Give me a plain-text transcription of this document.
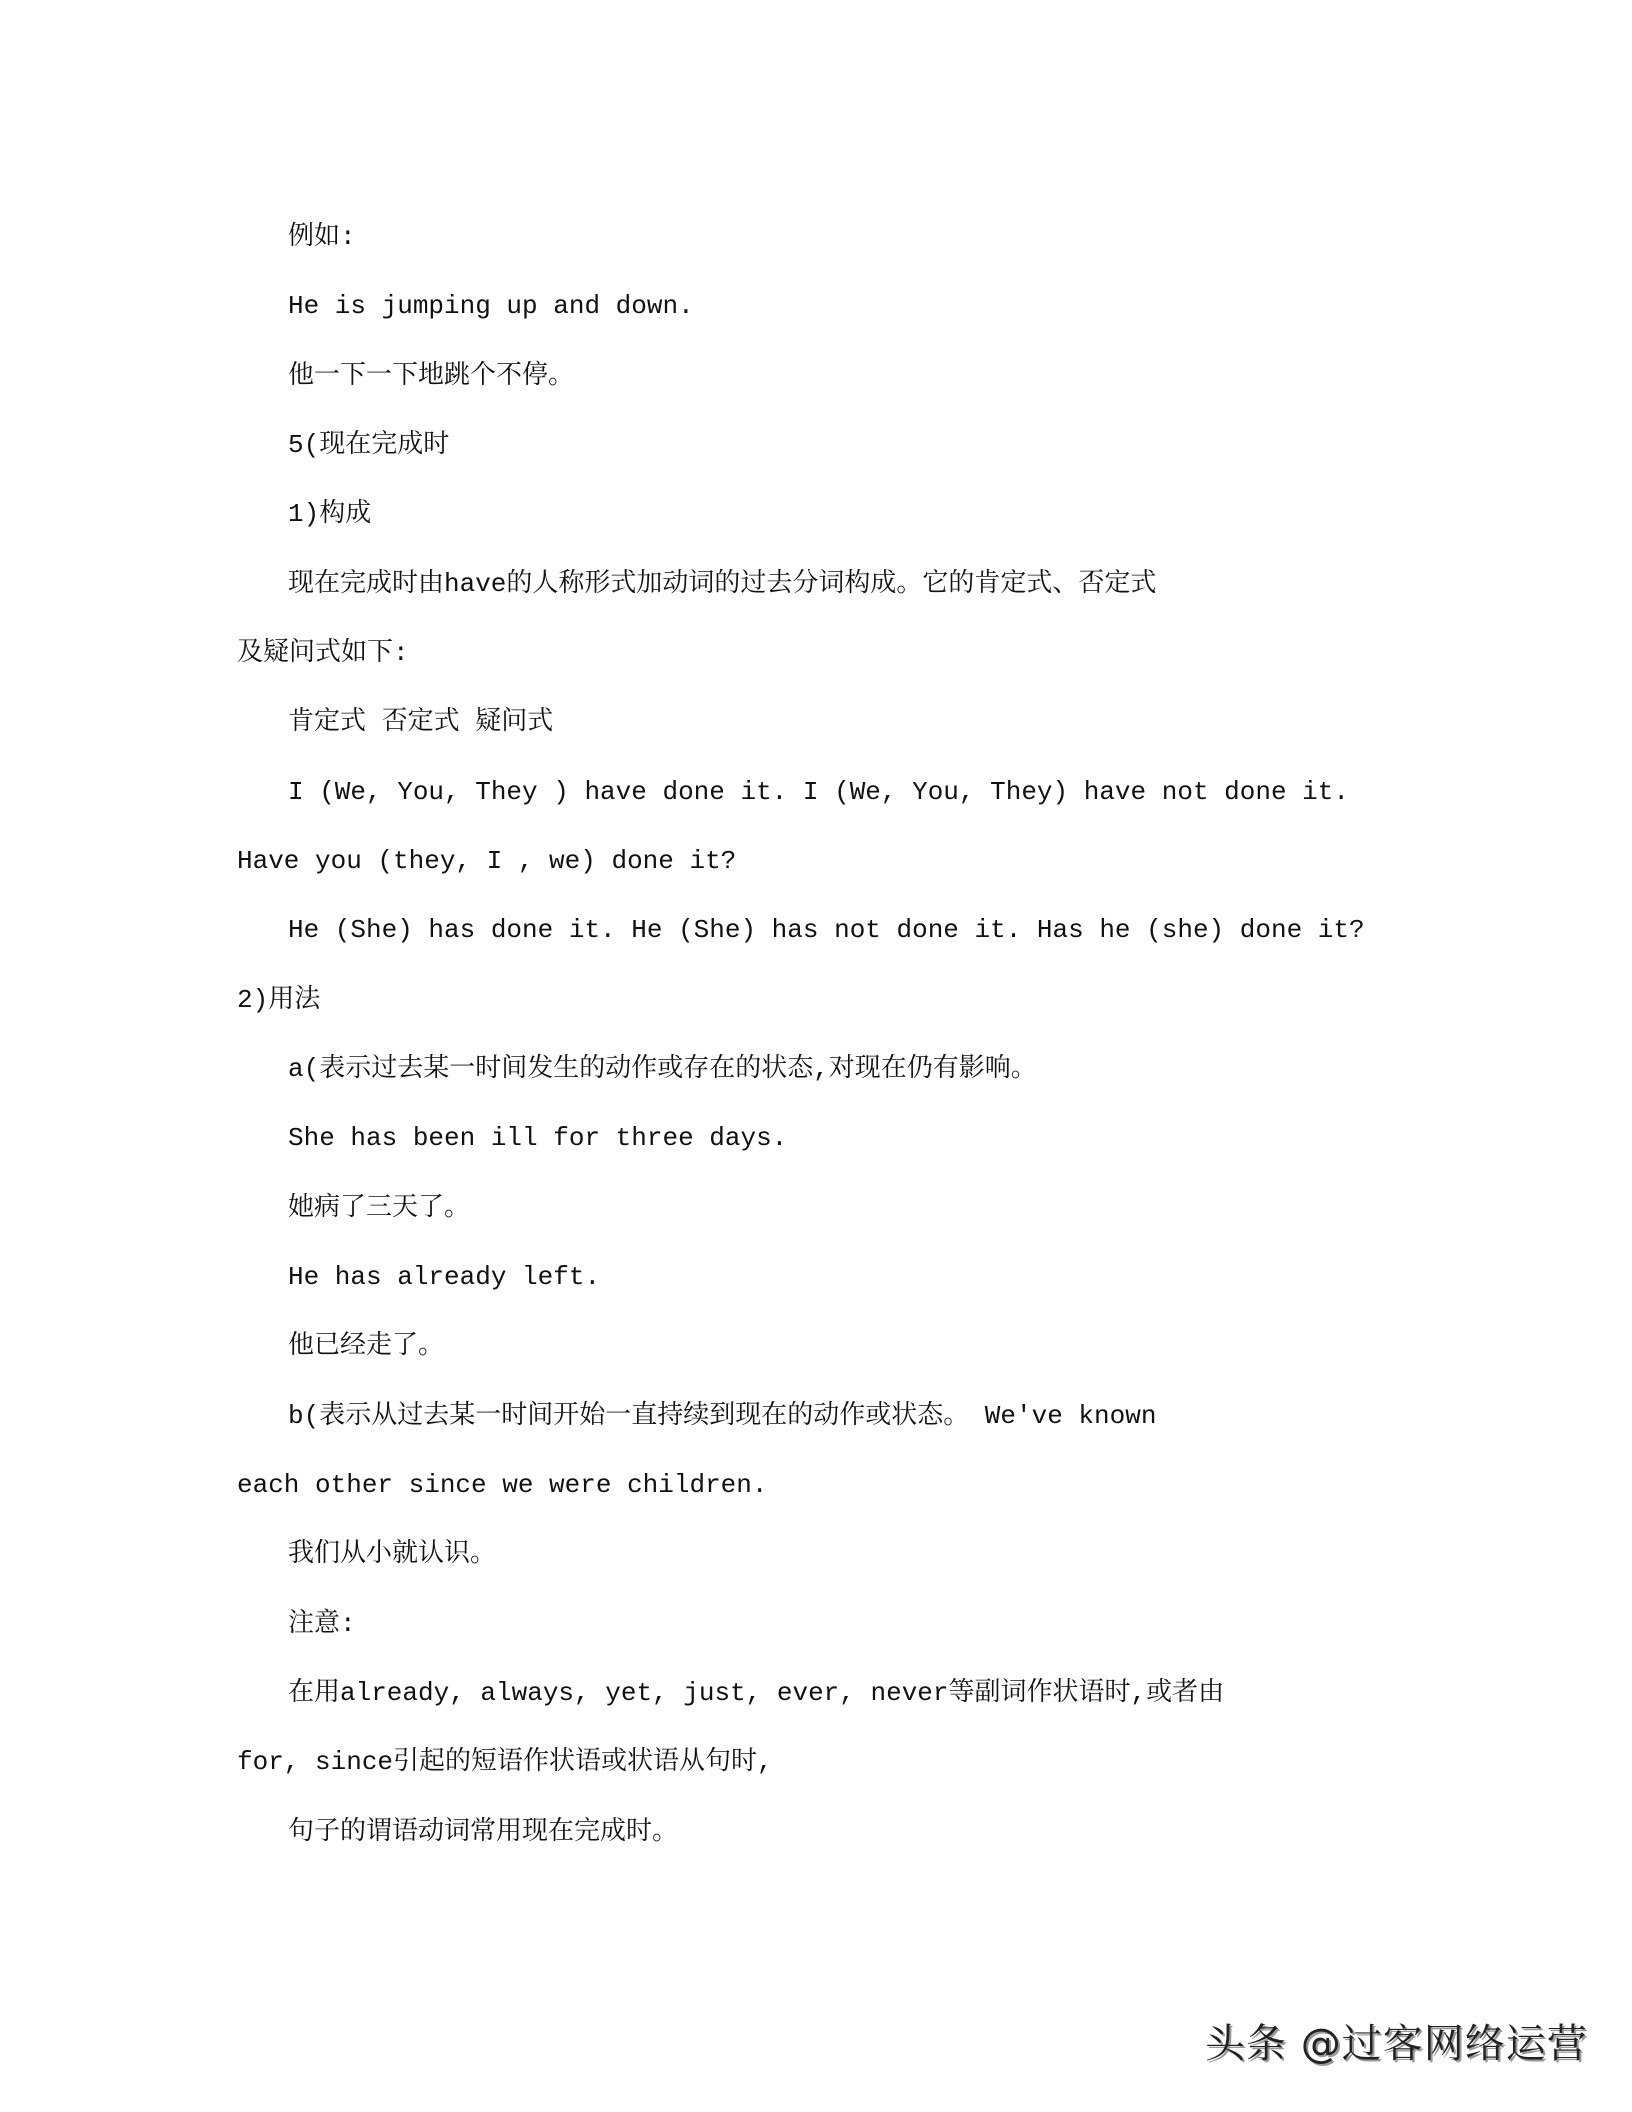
例如:
He is jumping up and down.
他一下一下地跳个不停。
5(现在完成时
1)构成
现在完成时由have的人称形式加动词的过去分词构成。它的肯定式、否定式
及疑问式如下:
肯定式 否定式 疑问式
I (We, You, They ) have done it. I (We, You, They) have not done it.
Have you (they, I , we) done it?
He (She) has done it. He (She) has not done it. Has he (she) done it?
2)用法
a(表示过去某一时间发生的动作或存在的状态,对现在仍有影响。
She has been ill for three days.
她病了三天了。
He has already left.
他已经走了。
b(表示从过去某一时间开始一直持续到现在的动作或状态。 We've known
each other since we were children.
我们从小就认识。
注意:
在用already, always, yet, just, ever, never等副词作状语时,或者由
for, since引起的短语作状语或状语从句时,
句子的谓语动词常用现在完成时。
头条 @过客网络运营
